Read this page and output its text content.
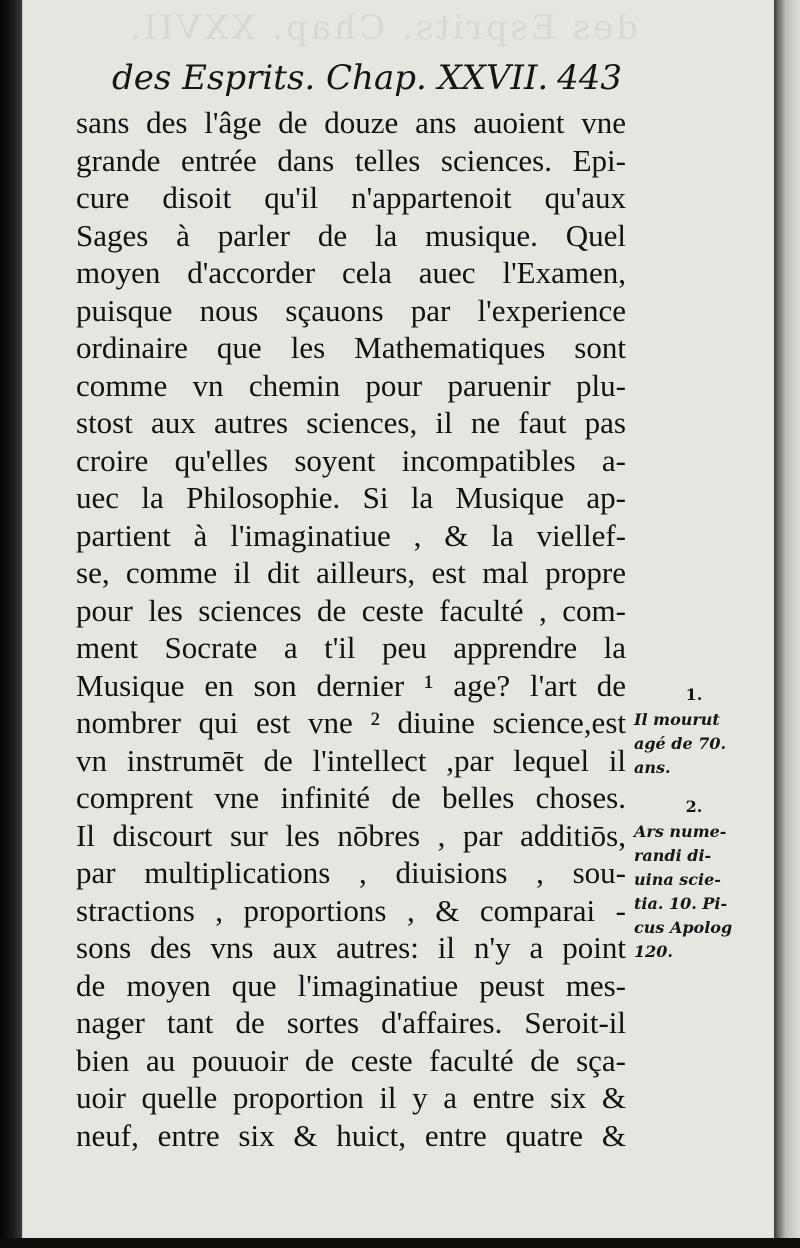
des Esprits. Chap. XXVII.
des Esprits. Chap. XXVII. 443
sans des l'âge de douze ans auoient vne
grande entrée dans telles sciences. Epi-
cure disoit qu'il n'appartenoit qu'aux
Sages à parler de la musique. Quel
moyen d'accorder cela auec l'Examen,
puisque nous sçauons par l'experience
ordinaire que les Mathematiques sont
comme vn chemin pour paruenir plu-
stost aux autres sciences, il ne faut pas
croire qu'elles soyent incompatibles a-
uec la Philosophie. Si la Musique ap-
partient à l'imaginatiue , & la viellef-
se, comme il dit ailleurs, est mal propre
pour les sciences de ceste faculté , com-
ment Socrate a t'il peu apprendre la
Musique en son dernier ¹ age? l'art de
nombrer qui est vne ² diuine science,est
vn instrumēt de l'intellect ,par lequel il
comprent vne infinité de belles choses.
Il discourt sur les nōbres , par additiōs,
par multiplications , diuisions , sou-
stractions , proportions , & comparai -
sons des vns aux autres: il n'y a point
de moyen que l'imaginatiue peust mes-
nager tant de sortes d'affaires. Seroit-il
bien au pouuoir de ceste faculté de sça-
uoir quelle proportion il y a entre six &
neuf, entre six & huict, entre quatre &
1.
Il mourut
agé de 70.
ans.
2.
Ars nume-
randi di-
uina scie-
tia. 10. Pi-
cus Apolog
120.
